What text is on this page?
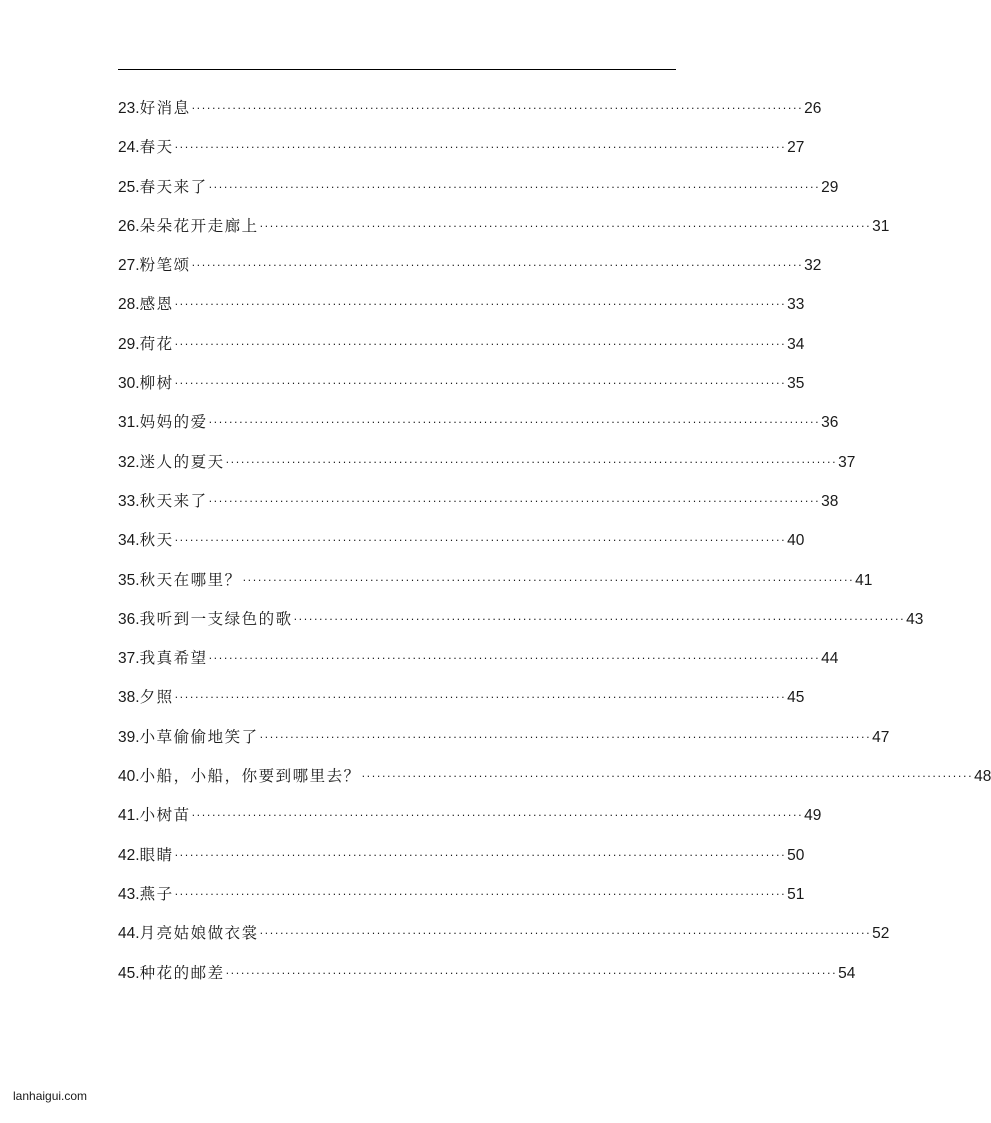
23. 好消息 ························································································································ 26
24. 春天 ························································································································ 27
25. 春天来了 ························································································································ 29
26. 朵朵花开走廊上 ························································································································ 31
27. 粉笔颂 ························································································································ 32
28. 感恩 ························································································································ 33
29. 荷花 ························································································································ 34
30. 柳树 ························································································································ 35
31. 妈妈的爱 ························································································································ 36
32. 迷人的夏天 ························································································································ 37
33. 秋天来了 ························································································································ 38
34. 秋天 ························································································································ 40
35. 秋天在哪里？ ························································································································ 41
36. 我听到一支绿色的歌 ························································································································ 43
37. 我真希望 ························································································································ 44
38. 夕照 ························································································································ 45
39. 小草偷偷地笑了 ························································································································ 47
40. 小船，小船，你要到哪里去？ ························································································································ 48
41. 小树苗 ························································································································ 49
42. 眼睛 ························································································································ 50
43. 燕子 ························································································································ 51
44. 月亮姑娘做衣裳 ························································································································ 52
45. 种花的邮差 ························································································································ 54
lanhaigui.com
